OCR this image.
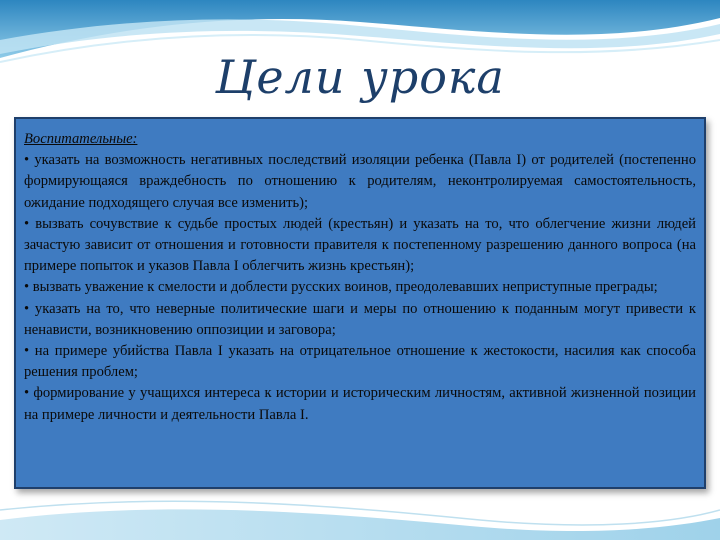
Цели урока
Воспитательные:

• указать на возможность негативных последствий изоляции ребенка (Павла I) от родителей (постепенно формирующаяся враждебность по отношению к родителям, неконтролируемая самостоятельность, ожидание подходящего случая все изменить);

• вызвать сочувствие к судьбе простых людей (крестьян) и указать на то, что облегчение жизни людей зачастую зависит от отношения и готовности правителя к постепенному разрешению данного вопроса (на примере попыток и указов Павла I облегчить жизнь крестьян);

• вызвать уважение к смелости и доблести русских воинов, преодолевавших неприступные преграды;

• указать на то, что неверные политические шаги и меры по отношению к поданным могут привести к ненависти, возникновению оппозиции и заговора;

• на примере убийства Павла I указать на отрицательное отношение к жестокости, насилия как способа решения проблем;

• формирование у учащихся интереса к истории и историческим личностям, активной жизненной позиции на примере личности и деятельности Павла I.
